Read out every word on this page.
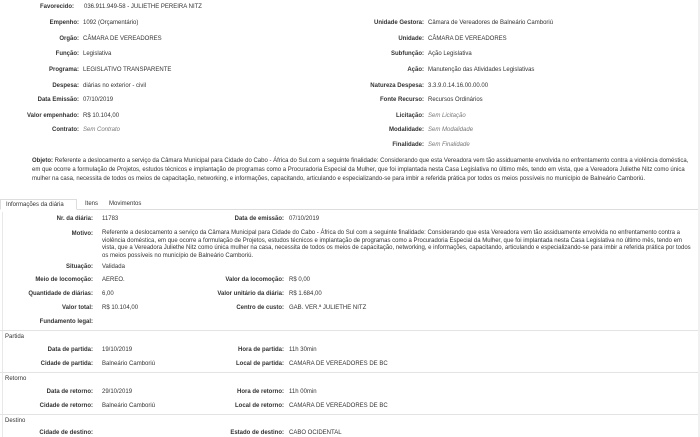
Favorecido: 036.911.949-58 - JULIETHE PEREIRA NITZ
Empenho: 1092 (Orçamentário)	Unidade Gestora: Câmara de Vereadores de Balneário Camboriú
Orgão: CÂMARA DE VEREADORES	Unidade: CÂMARA DE VEREADORES
Função: Legislativa	Subfunção: Ação Legislativa
Programa: LEGISLATIVO TRANSPARENTE	Ação: Manutenção das Atividades Legislativas
Despesa: diárias no exterior - civil	Natureza Despesa: 3.3.9.0.14.16.00.00.00
Data Emissão: 07/10/2019	Fonte Recurso: Recursos Ordinários
Valor empenhado: R$ 10.104,00	Licitação: Sem Licitação
Contrato: Sem Contrato	Modalidade: Sem Modalidade
Finalidade: Sem Finalidade
Objeto: Referente a deslocamento a serviço da Câmara Municipal para Cidade do Cabo - África do Sul.com a seguinte finalidade: Considerando que esta Vereadora vem tão assiduamente envolvida no enfrentamento contra a violência doméstica, em que ocorre a formulação de Projetos, estudos técnicos e implantação de programas como a Procuradoria Especial da Mulher, que foi implantada nesta Casa Legislativa no último mês, tendo em vista, que a Vereadora Juliethe Nitz como única mulher na casa, necessita de todos os meios de capacitação, networking, e informações, capacitando, articulando e especializando-se para imbir a referida prática por todos os meios possíveis no município de Balneário Camboriú.
Informações da diária	Itens	Movimentos
Nr. da diária: 11783	Data de emissão: 07/10/2019
Motivo: Referente a deslocamento a serviço da Câmara Municipal para Cidade do Cabo - África do Sul com a seguinte finalidade: Considerando que esta Vereadora vem tão assiduamente envolvida no enfrentamento contra a violência doméstica, em que ocorre a formulação de Projetos, estudos técnicos e implantação de programas como a Procuradoria Especial da Mulher, que foi implantada nesta Casa Legislativa no último mês, tendo em vista, que a Vereadora Juliethe Nitz como única mulher na casa, necessita de todos os meios de capacitação, networking, e informações, capacitando, articulando e especializando-se para imbir a referida prática por todos os meios possíveis no município de Balneário Camboriú.
Situação: Validada
Meio de locomoção: AEREO.	Valor da locomoção: R$ 0,00
Quantidade de diárias: 6,00	Valor unitário da diária: R$ 1.684,00
Valor total: R$ 10.104,00	Centro de custo: GAB. VER.ª JULIETHE NITZ
Fundamento legal:
Partida
Data de partida: 19/10/2019	Hora de partida: 11h 30min
Cidade de partida: Balneário Camboriú	Local de partida: CAMARA DE VEREADORES DE BC
Retorno
Data de retorno: 29/10/2019	Hora de retorno: 11h 00min
Cidade de retorno: Balneário Camboriú	Local de retorno: CAMARA DE VEREADORES DE BC
Destino
Cidade de destino:	Estado de destino: CABO OCIDENTAL
